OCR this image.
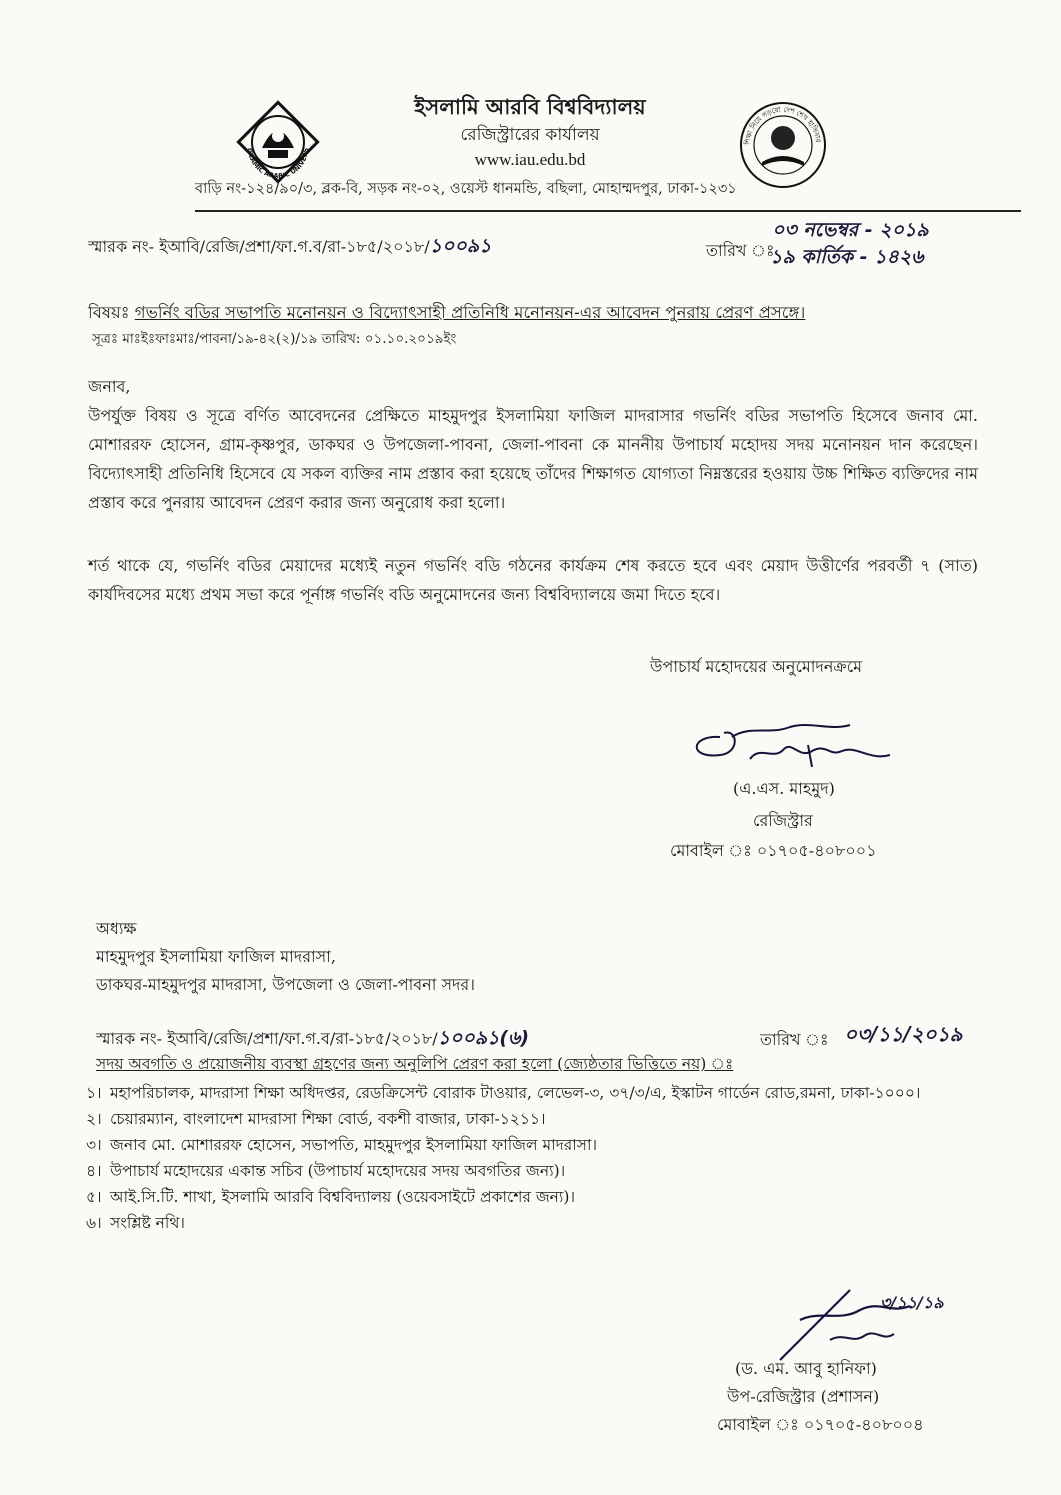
ISLAMIC ARABIC UNIVERS
ইসলামি আরবি বিশ্ববিদ্যালয়
রেজিস্ট্রারের কার্যালয়
www.iau.edu.bd
শিক্ষা নিয়ে গড়বো দেশ শেখ হাসিনার
বাড়ি নং-১২৪/৯০/৩, ব্লক-বি, সড়ক নং-০২, ওয়েস্ট ধানমন্ডি, বছিলা, মোহাম্মদপুর, ঢাকা-১২৩১
স্মারক নং- ইআবি/রেজি/প্রশা/ফা.গ.ব/রা-১৮৫/২০১৮/১০০৯১	তারিখ ঃ
০৩ নভেম্বর - ২০১৯
১৯ কার্তিক - ১৪২৬
বিষয়ঃ গভর্নিং বডির সভাপতি মনোনয়ন ও বিদ্যোৎসাহী প্রতিনিধি মনোনয়ন-এর আবেদন পুনরায় প্রেরণ প্রসঙ্গে।
সূত্রঃ মাঃইঃফাঃমাঃ/পাবনা/১৯-৪২(২)/১৯ তারিখ: ০১.১০.২০১৯ইং
জনাব,
উপর্যুক্ত বিষয় ও সূত্রে বর্ণিত আবেদনের প্রেক্ষিতে মাহমুদপুর ইসলামিয়া ফাজিল মাদরাসার গভর্নিং বডির সভাপতি হিসেবে জনাব মো. মোশাররফ হোসেন, গ্রাম-কৃষ্ণপুর, ডাকঘর ও উপজেলা-পাবনা, জেলা-পাবনা কে মাননীয় উপাচার্য মহোদয় সদয় মনোনয়ন দান করেছেন। বিদ্যোৎসাহী প্রতিনিধি হিসেবে যে সকল ব্যক্তির নাম প্রস্তাব করা হয়েছে তাঁদের শিক্ষাগত যোগ্যতা নিম্নস্তরের হওয়ায় উচ্চ শিক্ষিত ব্যক্তিদের নাম প্রস্তাব করে পুনরায় আবেদন প্রেরণ করার জন্য অনুরোধ করা হলো।
শর্ত থাকে যে, গভর্নিং বডির মেয়াদের মধ্যেই নতুন গভর্নিং বডি গঠনের কার্যক্রম শেষ করতে হবে এবং মেয়াদ উত্তীর্ণের পরবর্তী ৭ (সাত) কার্যদিবসের মধ্যে প্রথম সভা করে পূর্নাঙ্গ গভর্নিং বডি অনুমোদনের জন্য বিশ্ববিদ্যালয়ে জমা দিতে হবে।
উপাচার্য মহোদয়ের অনুমোদনক্রমে
(এ.এস. মাহমুদ)
রেজিস্ট্রার
মোবাইল ঃ ০১৭০৫-৪০৮০০১
অধ্যক্ষ
মাহমুদপুর ইসলামিয়া ফাজিল মাদরাসা,
ডাকঘর-মাহমুদপুর মাদরাসা, উপজেলা ও জেলা-পাবনা সদর।
স্মারক নং- ইআবি/রেজি/প্রশা/ফা.গ.ব/রা-১৮৫/২০১৮/১০০৯১(৬)	তারিখ ঃ ০৩/১১/২০১৯
সদয় অবগতি ও প্রয়োজনীয় ব্যবস্থা গ্রহণের জন্য অনুলিপি প্রেরণ করা হলো (জ্যেষ্ঠতার ভিত্তিতে নয়) ঃ
১। মহাপরিচালক, মাদরাসা শিক্ষা অধিদপ্তর, রেডক্রিসেন্ট বোরাক টাওয়ার, লেভেল-৩, ৩৭/৩/এ, ইস্কাটন গার্ডেন রোড,রমনা, ঢাকা-১০০০।
২। চেয়ারম্যান, বাংলাদেশ মাদরাসা শিক্ষা বোর্ড, বকশী বাজার, ঢাকা-১২১১।
৩। জনাব মো. মোশাররফ হোসেন, সভাপতি, মাহমুদপুর ইসলামিয়া ফাজিল মাদরাসা।
৪। উপাচার্য মহোদয়ের একান্ত সচিব (উপাচার্য মহোদয়ের সদয় অবগতির জন্য)।
৫। আই.সি.টি. শাখা, ইসলামি আরবি বিশ্ববিদ্যালয় (ওয়েবসাইটে প্রকাশের জন্য)।
৬। সংশ্লিষ্ট নথি।
৩/১১/১৯
(ড. এম. আবু হানিফা)
উপ-রেজিস্ট্রার (প্রশাসন)
মোবাইল ঃ ০১৭০৫-৪০৮০০৪
